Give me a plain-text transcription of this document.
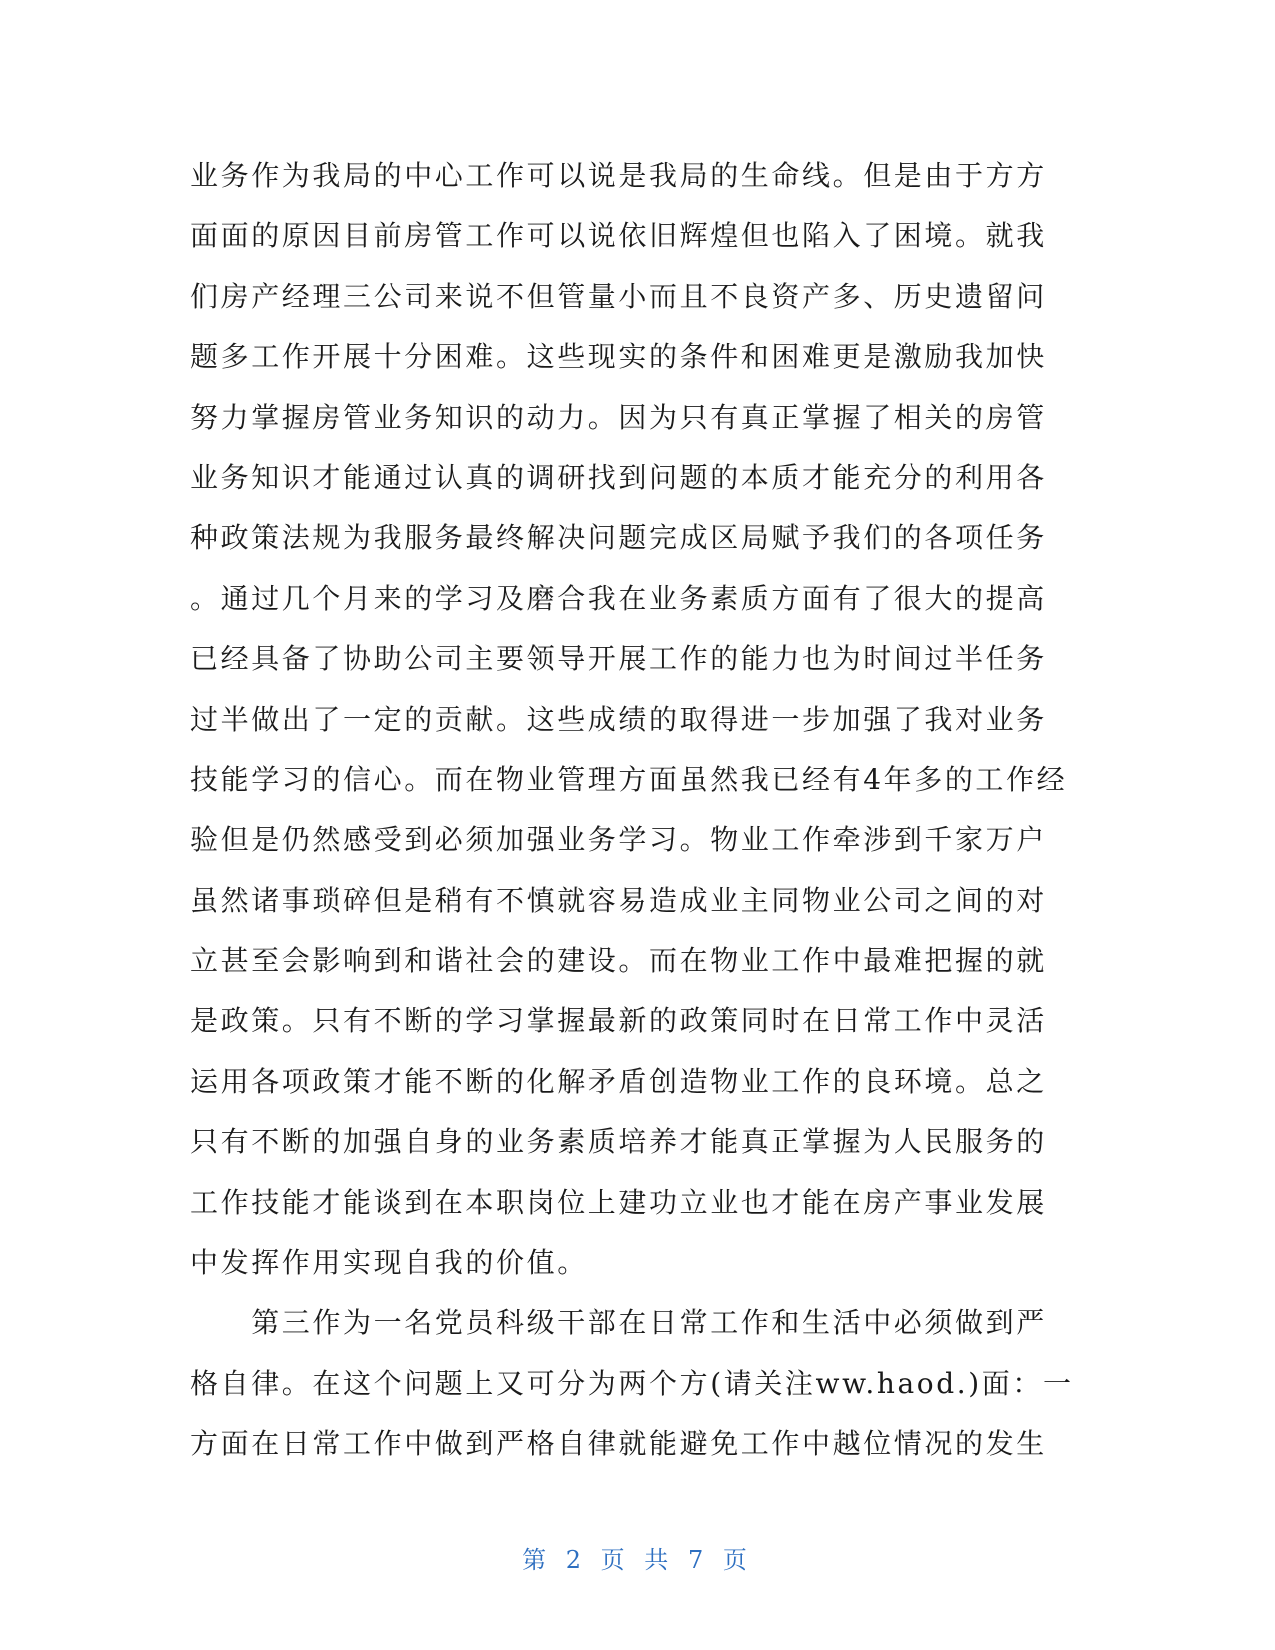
业务作为我局的中心工作可以说是我局的生命线。但是由于方方
面面的原因目前房管工作可以说依旧辉煌但也陷入了困境。就我
们房产经理三公司来说不但管量小而且不良资产多、历史遗留问
题多工作开展十分困难。这些现实的条件和困难更是激励我加快
努力掌握房管业务知识的动力。因为只有真正掌握了相关的房管
业务知识才能通过认真的调研找到问题的本质才能充分的利用各
种政策法规为我服务最终解决问题完成区局赋予我们的各项任务
。通过几个月来的学习及磨合我在业务素质方面有了很大的提高
已经具备了协助公司主要领导开展工作的能力也为时间过半任务
过半做出了一定的贡献。这些成绩的取得进一步加强了我对业务
技能学习的信心。而在物业管理方面虽然我已经有4年多的工作经
验但是仍然感受到必须加强业务学习。物业工作牵涉到千家万户
虽然诸事琐碎但是稍有不慎就容易造成业主同物业公司之间的对
立甚至会影响到和谐社会的建设。而在物业工作中最难把握的就
是政策。只有不断的学习掌握最新的政策同时在日常工作中灵活
运用各项政策才能不断的化解矛盾创造物业工作的良环境。总之
只有不断的加强自身的业务素质培养才能真正掌握为人民服务的
工作技能才能谈到在本职岗位上建功立业也才能在房产事业发展
中发挥作用实现自我的价值。
　　第三作为一名党员科级干部在日常工作和生活中必须做到严
格自律。在这个问题上又可分为两个方(请关注ww.haod.)面：一
方面在日常工作中做到严格自律就能避免工作中越位情况的发生
第 2 页 共 7 页
